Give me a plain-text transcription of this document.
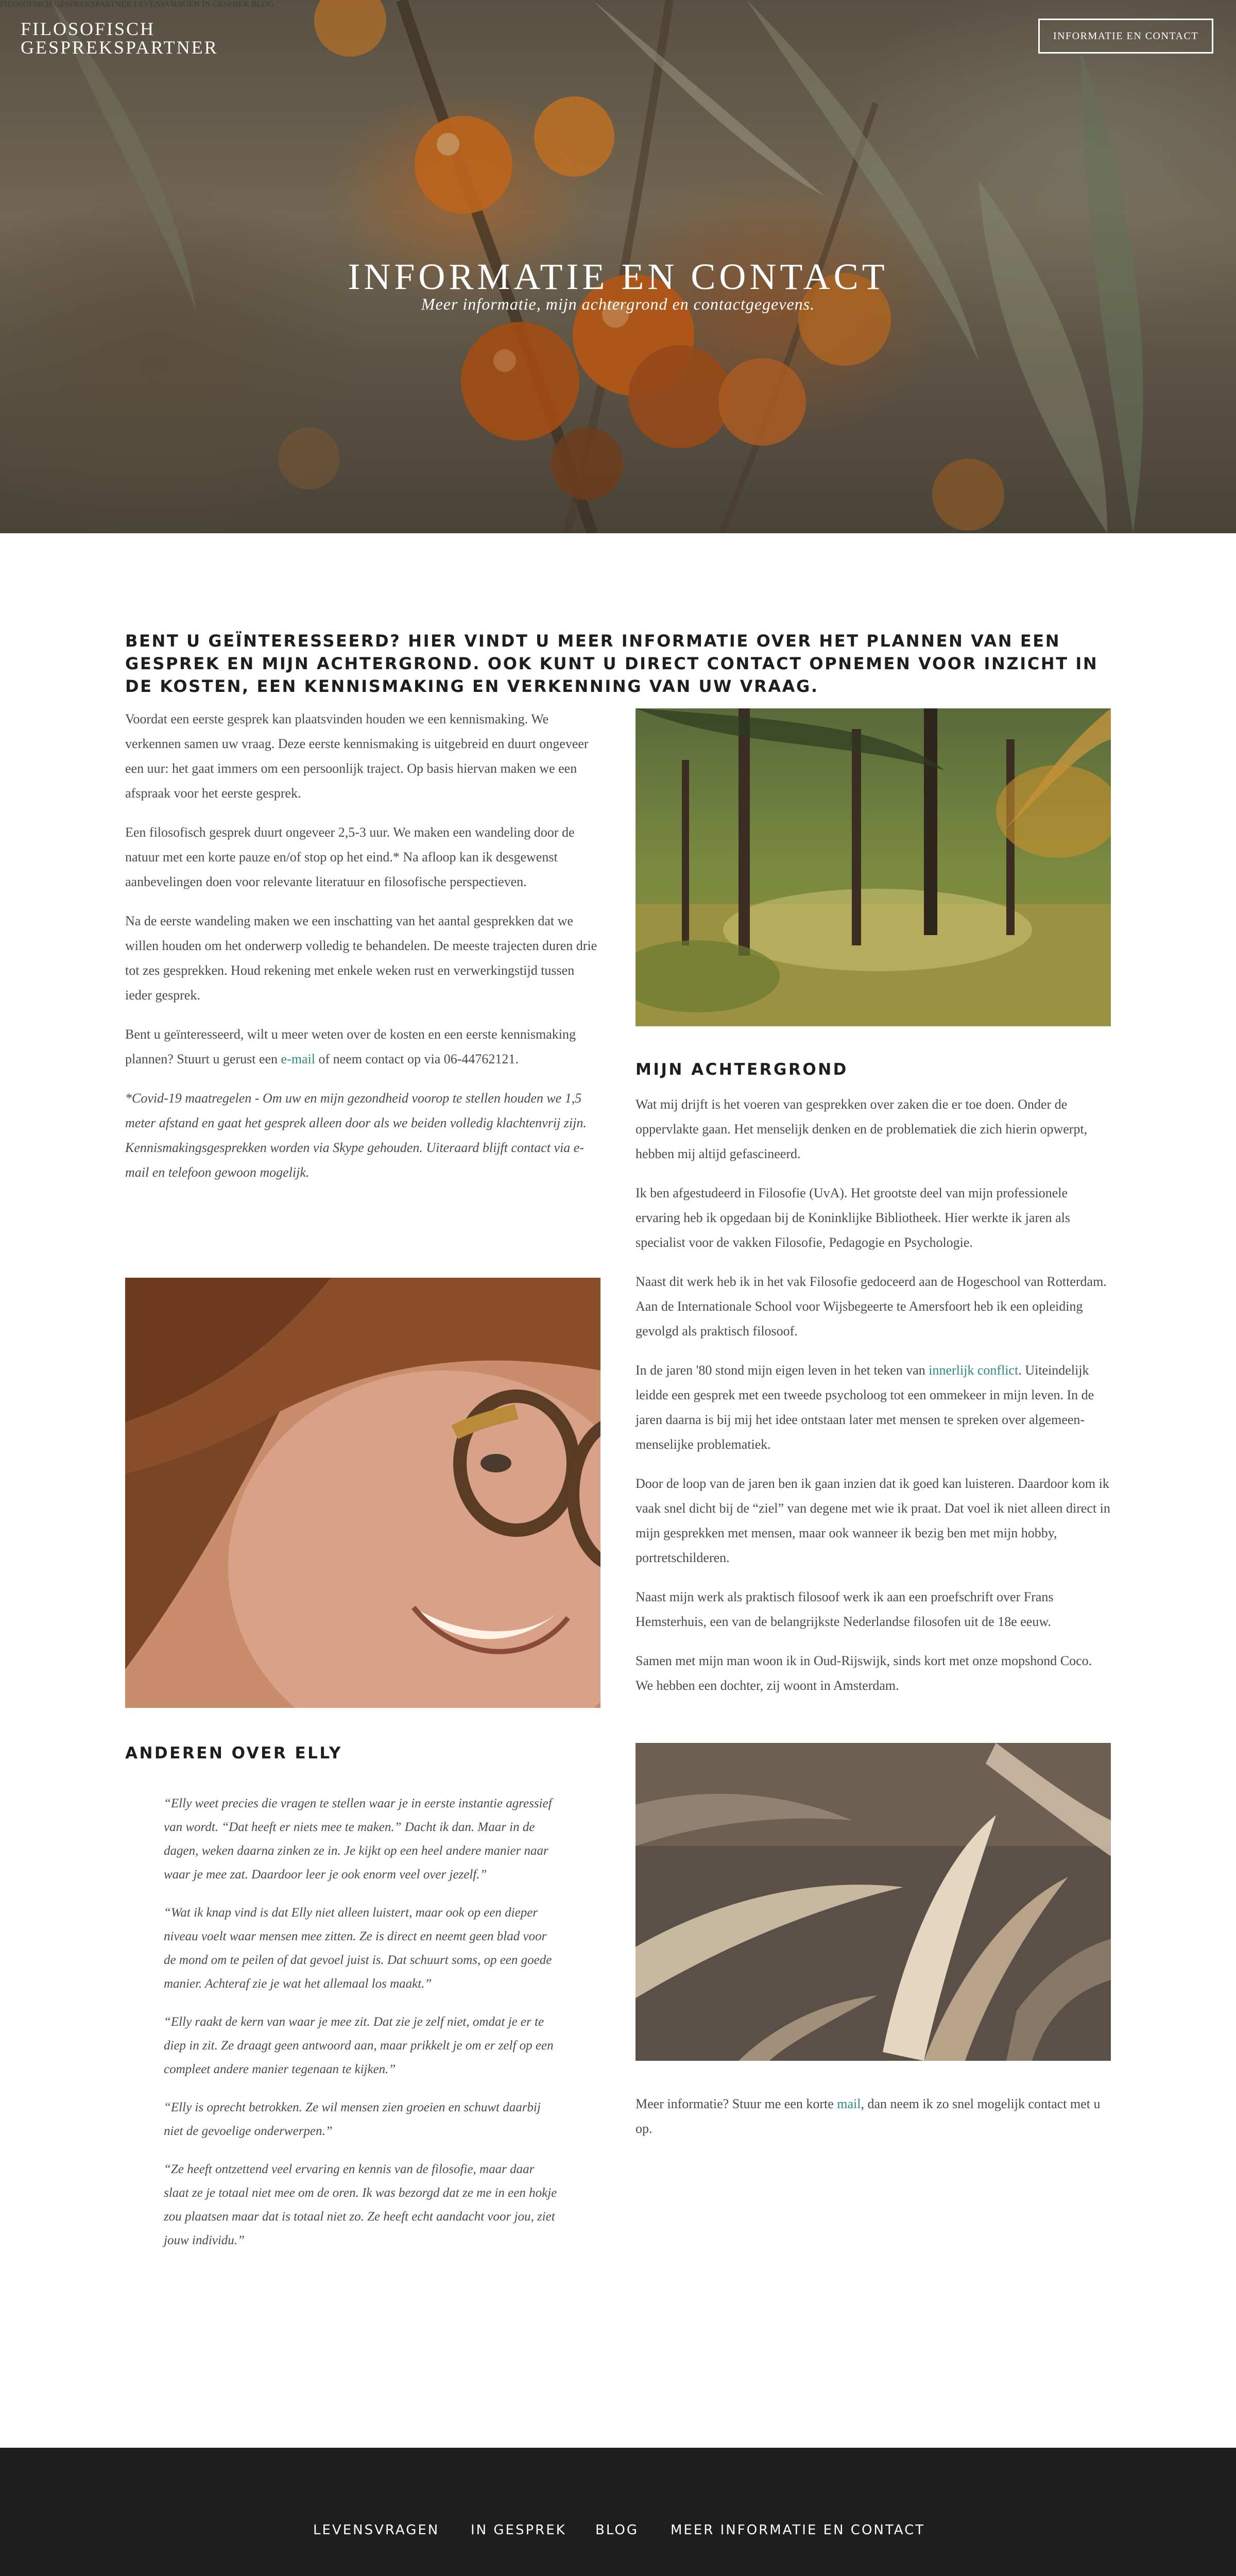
FILOSOFISCH
GESPREKSPARTNER
FILOSOFISCH GESPREKSPARTNER LEVENSVRAGEN IN GESPREK BLOG
INFORMATIE EN CONTACT
INFORMATIE EN CONTACT
Meer informatie, mijn achtergrond en contactgegevens.
BENT U GEÏNTERESSEERD? HIER VINDT U MEER INFORMATIE OVER HET PLANNEN VAN EEN GESPREK EN MIJN ACHTERGROND. OOK KUNT U DIRECT CONTACT OPNEMEN VOOR INZICHT IN DE KOSTEN, EEN KENNISMAKING EN VERKENNING VAN UW VRAAG.

Voordat een eerste gesprek kan plaatsvinden houden we een kennismaking. We verkennen samen uw vraag. Deze eerste kennismaking is uitgebreid en duurt ongeveer een uur: het gaat immers om een persoonlijk traject. Op basis hiervan maken we een afspraak voor het eerste gesprek.

Een filosofisch gesprek duurt ongeveer 2,5-3 uur. We maken een wandeling door de natuur met een korte pauze en/of stop op het eind.* Na afloop kan ik desgewenst aanbevelingen doen voor relevante literatuur en filosofische perspectieven.

Na de eerste wandeling maken we een inschatting van het aantal gesprekken dat we willen houden om het onderwerp volledig te behandelen. De meeste trajecten duren drie tot zes gesprekken. Houd rekening met enkele weken rust en verwerkingstijd tussen ieder gesprek.

Bent u geïnteresseerd, wilt u meer weten over de kosten en een eerste kennismaking plannen? Stuurt u gerust een e-mail of neem contact op via 06-44762121.

*Covid-19 maatregelen - Om uw en mijn gezondheid voorop te stellen houden we 1,5 meter afstand en gaat het gesprek alleen door als we beiden volledig klachtenvrij zijn. Kennismakingsgesprekken worden via Skype gehouden. Uiteraard blijft contact via e-mail en telefoon gewoon mogelijk.

ANDEREN OVER ELLY

“Elly weet precies die vragen te stellen waar je in eerste instantie agressief van wordt. “Dat heeft er niets mee te maken.” Dacht ik dan. Maar in de dagen, weken daarna zinken ze in. Je kijkt op een heel andere manier naar waar je mee zat. Daardoor leer je ook enorm veel over jezelf.”

“Wat ik knap vind is dat Elly niet alleen luistert, maar ook op een dieper niveau voelt waar mensen mee zitten. Ze is direct en neemt geen blad voor de mond om te peilen of dat gevoel juist is. Dat schuurt soms, op een goede manier. Achteraf zie je wat het allemaal los maakt.”

“Elly raakt de kern van waar je mee zit. Dat zie je zelf niet, omdat je er te diep in zit. Ze draagt geen antwoord aan, maar prikkelt je om er zelf op een compleet andere manier tegenaan te kijken.”

“Elly is oprecht betrokken. Ze wil mensen zien groeien en schuwt daarbij niet de gevoelige onderwerpen.”

“Ze heeft ontzettend veel ervaring en kennis van de filosofie, maar daar slaat ze je totaal niet mee om de oren. Ik was bezorgd dat ze me in een hokje zou plaatsen maar dat is totaal niet zo. Ze heeft echt aandacht voor jou, ziet jouw individu.”

MIJN ACHTERGROND

Wat mij drijft is het voeren van gesprekken over zaken die er toe doen. Onder de oppervlakte gaan. Het menselijk denken en de problematiek die zich hierin opwerpt, hebben mij altijd gefascineerd.

Ik ben afgestudeerd in Filosofie (UvA). Het grootste deel van mijn professionele ervaring heb ik opgedaan bij de Koninklijke Bibliotheek. Hier werkte ik jaren als specialist voor de vakken Filosofie, Pedagogie en Psychologie.

Naast dit werk heb ik in het vak Filosofie gedoceerd aan de Hogeschool van Rotterdam. Aan de Internationale School voor Wijsbegeerte te Amersfoort heb ik een opleiding gevolgd als praktisch filosoof.

In de jaren '80 stond mijn eigen leven in het teken van innerlijk conflict. Uiteindelijk leidde een gesprek met een tweede psycholoog tot een ommekeer in mijn leven. In de jaren daarna is bij mij het idee ontstaan later met mensen te spreken over algemeen-menselijke problematiek.

Door de loop van de jaren ben ik gaan inzien dat ik goed kan luisteren. Daardoor kom ik vaak snel dicht bij de “ziel” van degene met wie ik praat. Dat voel ik niet alleen direct in mijn gesprekken met mensen, maar ook wanneer ik bezig ben met mijn hobby, portretschilderen.

Naast mijn werk als praktisch filosoof werk ik aan een proefschrift over Frans Hemsterhuis, een van de belangrijkste Nederlandse filosofen uit de 18e eeuw.

Samen met mijn man woon ik in Oud-Rijswijk, sinds kort met onze mopshond Coco. We hebben een dochter, zij woont in Amsterdam.

Meer informatie? Stuur me een korte mail, dan neem ik zo snel mogelijk contact met u op.

LEVENSVRAGEN IN GESPREK BLOG MEER INFORMATIE EN CONTACT
